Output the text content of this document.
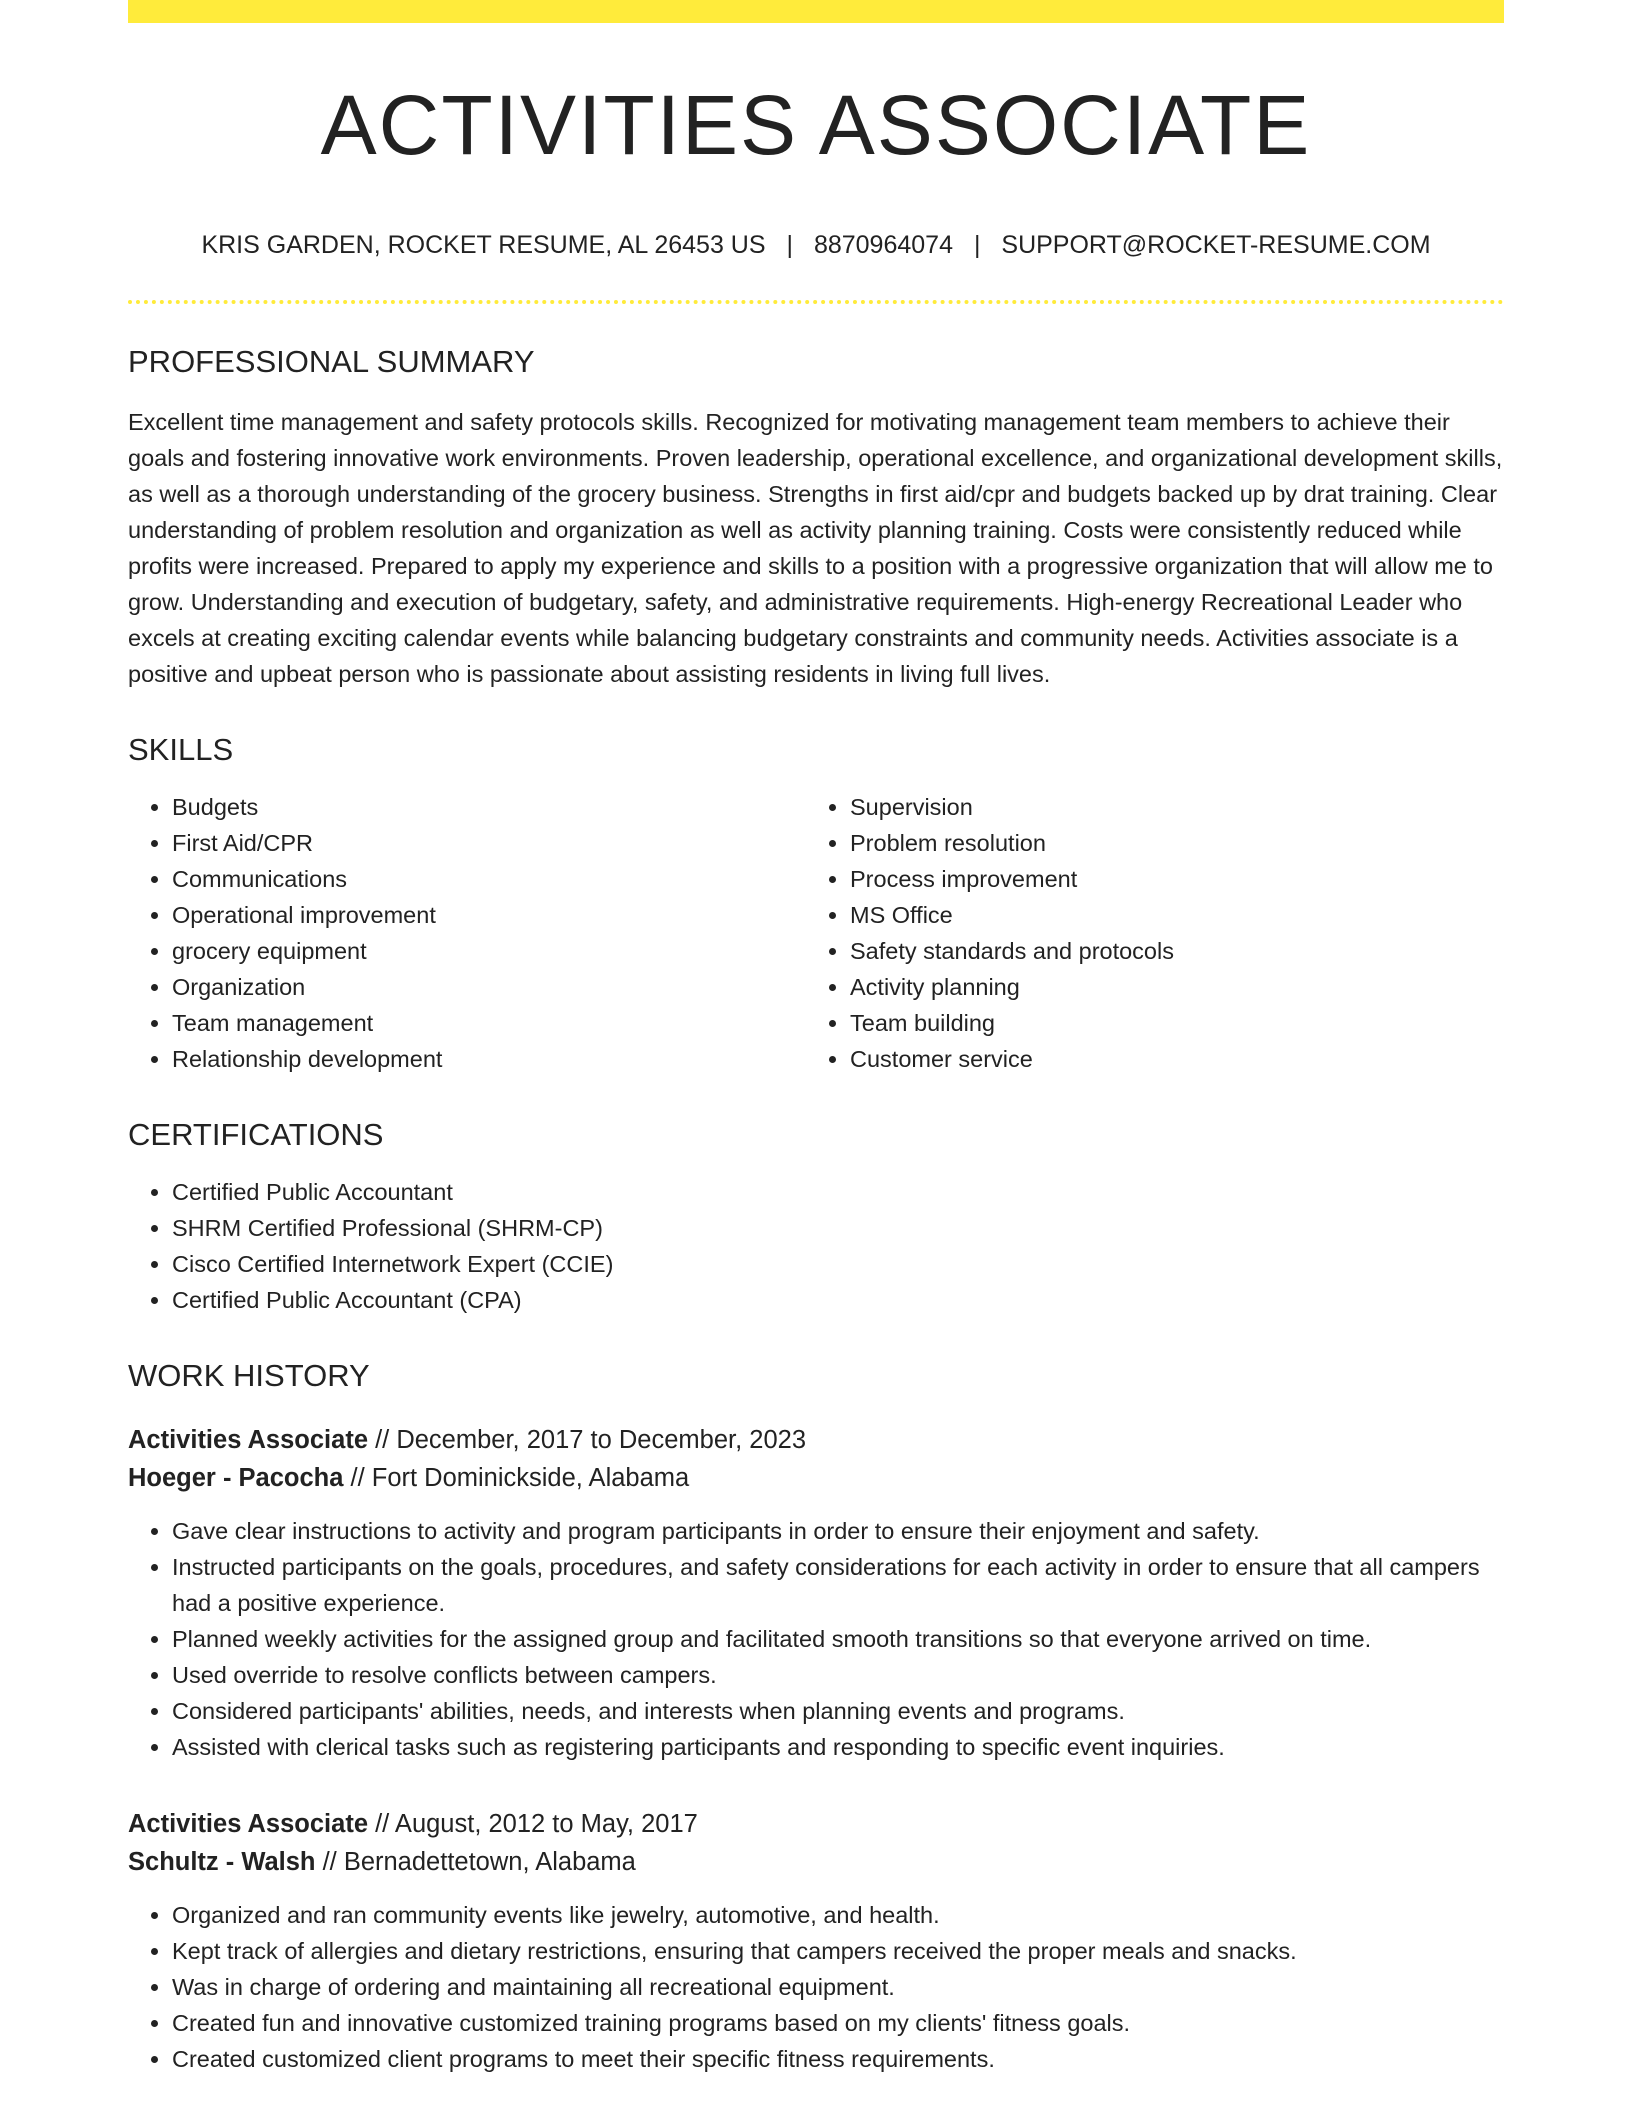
ACTIVITIES ASSOCIATE
KRIS GARDEN, ROCKET RESUME, AL 26453 US | 8870964074 | SUPPORT@ROCKET-RESUME.COM
PROFESSIONAL SUMMARY

Excellent time management and safety protocols skills. Recognized for motivating management team members to achieve their goals and fostering innovative work environments. Proven leadership, operational excellence, and organizational development skills, as well as a thorough understanding of the grocery business. Strengths in first aid/cpr and budgets backed up by drat training. Clear understanding of problem resolution and organization as well as activity planning training. Costs were consistently reduced while profits were increased. Prepared to apply my experience and skills to a position with a progressive organization that will allow me to grow. Understanding and execution of budgetary, safety, and administrative requirements. High-energy Recreational Leader who excels at creating exciting calendar events while balancing budgetary constraints and community needs. Activities associate is a positive and upbeat person who is passionate about assisting residents in living full lives.

SKILLS
• Budgets
• First Aid/CPR
• Communications
• Operational improvement
• grocery equipment
• Organization
• Team management
• Relationship development
• Supervision
• Problem resolution
• Process improvement
• MS Office
• Safety standards and protocols
• Activity planning
• Team building
• Customer service
CERTIFICATIONS
• Certified Public Accountant
• SHRM Certified Professional (SHRM-CP)
• Cisco Certified Internetwork Expert (CCIE)
• Certified Public Accountant (CPA)
WORK HISTORY
Activities Associate // December, 2017 to December, 2023
Hoeger - Pacocha // Fort Dominickside, Alabama
• Gave clear instructions to activity and program participants in order to ensure their enjoyment and safety.
• Instructed participants on the goals, procedures, and safety considerations for each activity in order to ensure that all campers had a positive experience.
• Planned weekly activities for the assigned group and facilitated smooth transitions so that everyone arrived on time.
• Used override to resolve conflicts between campers.
• Considered participants' abilities, needs, and interests when planning events and programs.
• Assisted with clerical tasks such as registering participants and responding to specific event inquiries.
Activities Associate // August, 2012 to May, 2017
Schultz - Walsh // Bernadettetown, Alabama
• Organized and ran community events like jewelry, automotive, and health.
• Kept track of allergies and dietary restrictions, ensuring that campers received the proper meals and snacks.
• Was in charge of ordering and maintaining all recreational equipment.
• Created fun and innovative customized training programs based on my clients' fitness goals.
• Created customized client programs to meet their specific fitness requirements.
